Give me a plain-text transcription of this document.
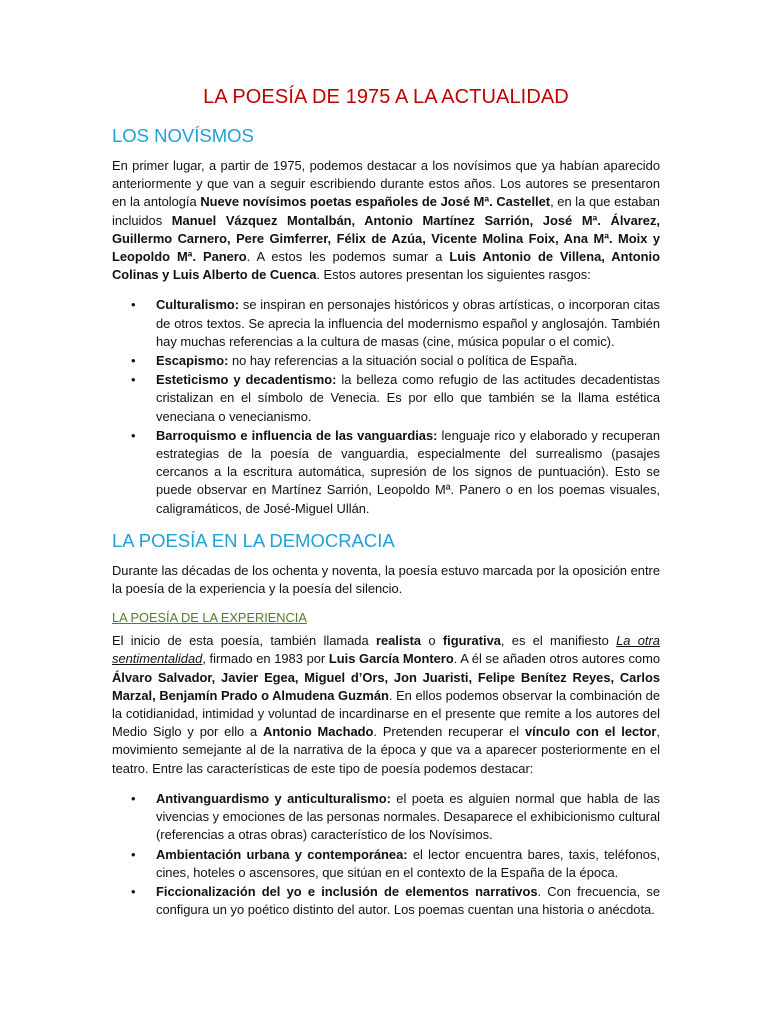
LA POESÍA DE 1975 A LA ACTUALIDAD
LOS NOVÍSMOS

En primer lugar, a partir de 1975, podemos destacar a los novísimos que ya habían aparecido anteriormente y que van a seguir escribiendo durante estos años. Los autores se presentaron en la antología Nueve novísimos poetas españoles de José Mª. Castellet, en la que estaban incluidos Manuel Vázquez Montalbán, Antonio Martínez Sarrión, José Mª. Álvarez, Guillermo Carnero, Pere Gimferrer, Félix de Azúa, Vicente Molina Foix, Ana Mª. Moix y Leopoldo Mª. Panero. A estos les podemos sumar a Luis Antonio de Villena, Antonio Colinas y Luis Alberto de Cuenca. Estos autores presentan los siguientes rasgos:

• Culturalismo: se inspiran en personajes históricos y obras artísticas, o incorporan citas de otros textos. Se aprecia la influencia del modernismo español y anglosajón. También hay muchas referencias a la cultura de masas (cine, música popular o el comic).
• Escapismo: no hay referencias a la situación social o política de España.
• Esteticismo y decadentismo: la belleza como refugio de las actitudes decadentistas cristalizan en el símbolo de Venecia. Es por ello que también se la llama estética veneciana o venecianismo.
• Barroquismo e influencia de las vanguardias: lenguaje rico y elaborado y recuperan estrategias de la poesía de vanguardia, especialmente del surrealismo (pasajes cercanos a la escritura automática, supresión de los signos de puntuación). Esto se puede observar en Martínez Sarrión, Leopoldo Mª. Panero o en los poemas visuales, caligramáticos, de José-Miguel Ullán.
LA POESÍA EN LA DEMOCRACIA

Durante las décadas de los ochenta y noventa, la poesía estuvo marcada por la oposición entre la poesía de la experiencia y la poesía del silencio.

LA POESÍA DE LA EXPERIENCIA

El inicio de esta poesía, también llamada realista o figurativa, es el manifiesto La otra sentimentalidad, firmado en 1983 por Luis García Montero. A él se añaden otros autores como Álvaro Salvador, Javier Egea, Miguel d’Ors, Jon Juaristi, Felipe Benítez Reyes, Carlos Marzal, Benjamín Prado o Almudena Guzmán. En ellos podemos observar la combinación de la cotidianidad, intimidad y voluntad de incardinarse en el presente que remite a los autores del Medio Siglo y por ello a Antonio Machado. Pretenden recuperar el vínculo con el lector, movimiento semejante al de la narrativa de la época y que va a aparecer posteriormente en el teatro. Entre las características de este tipo de poesía podemos destacar:

• Antivanguardismo y anticulturalismo: el poeta es alguien normal que habla de las vivencias y emociones de las personas normales. Desaparece el exhibicionismo cultural (referencias a otras obras) característico de los Novísimos.
• Ambientación urbana y contemporánea: el lector encuentra bares, taxis, teléfonos, cines, hoteles o ascensores, que sitúan en el contexto de la España de la época.
• Ficcionalización del yo e inclusión de elementos narrativos. Con frecuencia, se configura un yo poético distinto del autor. Los poemas cuentan una historia o anécdota.
